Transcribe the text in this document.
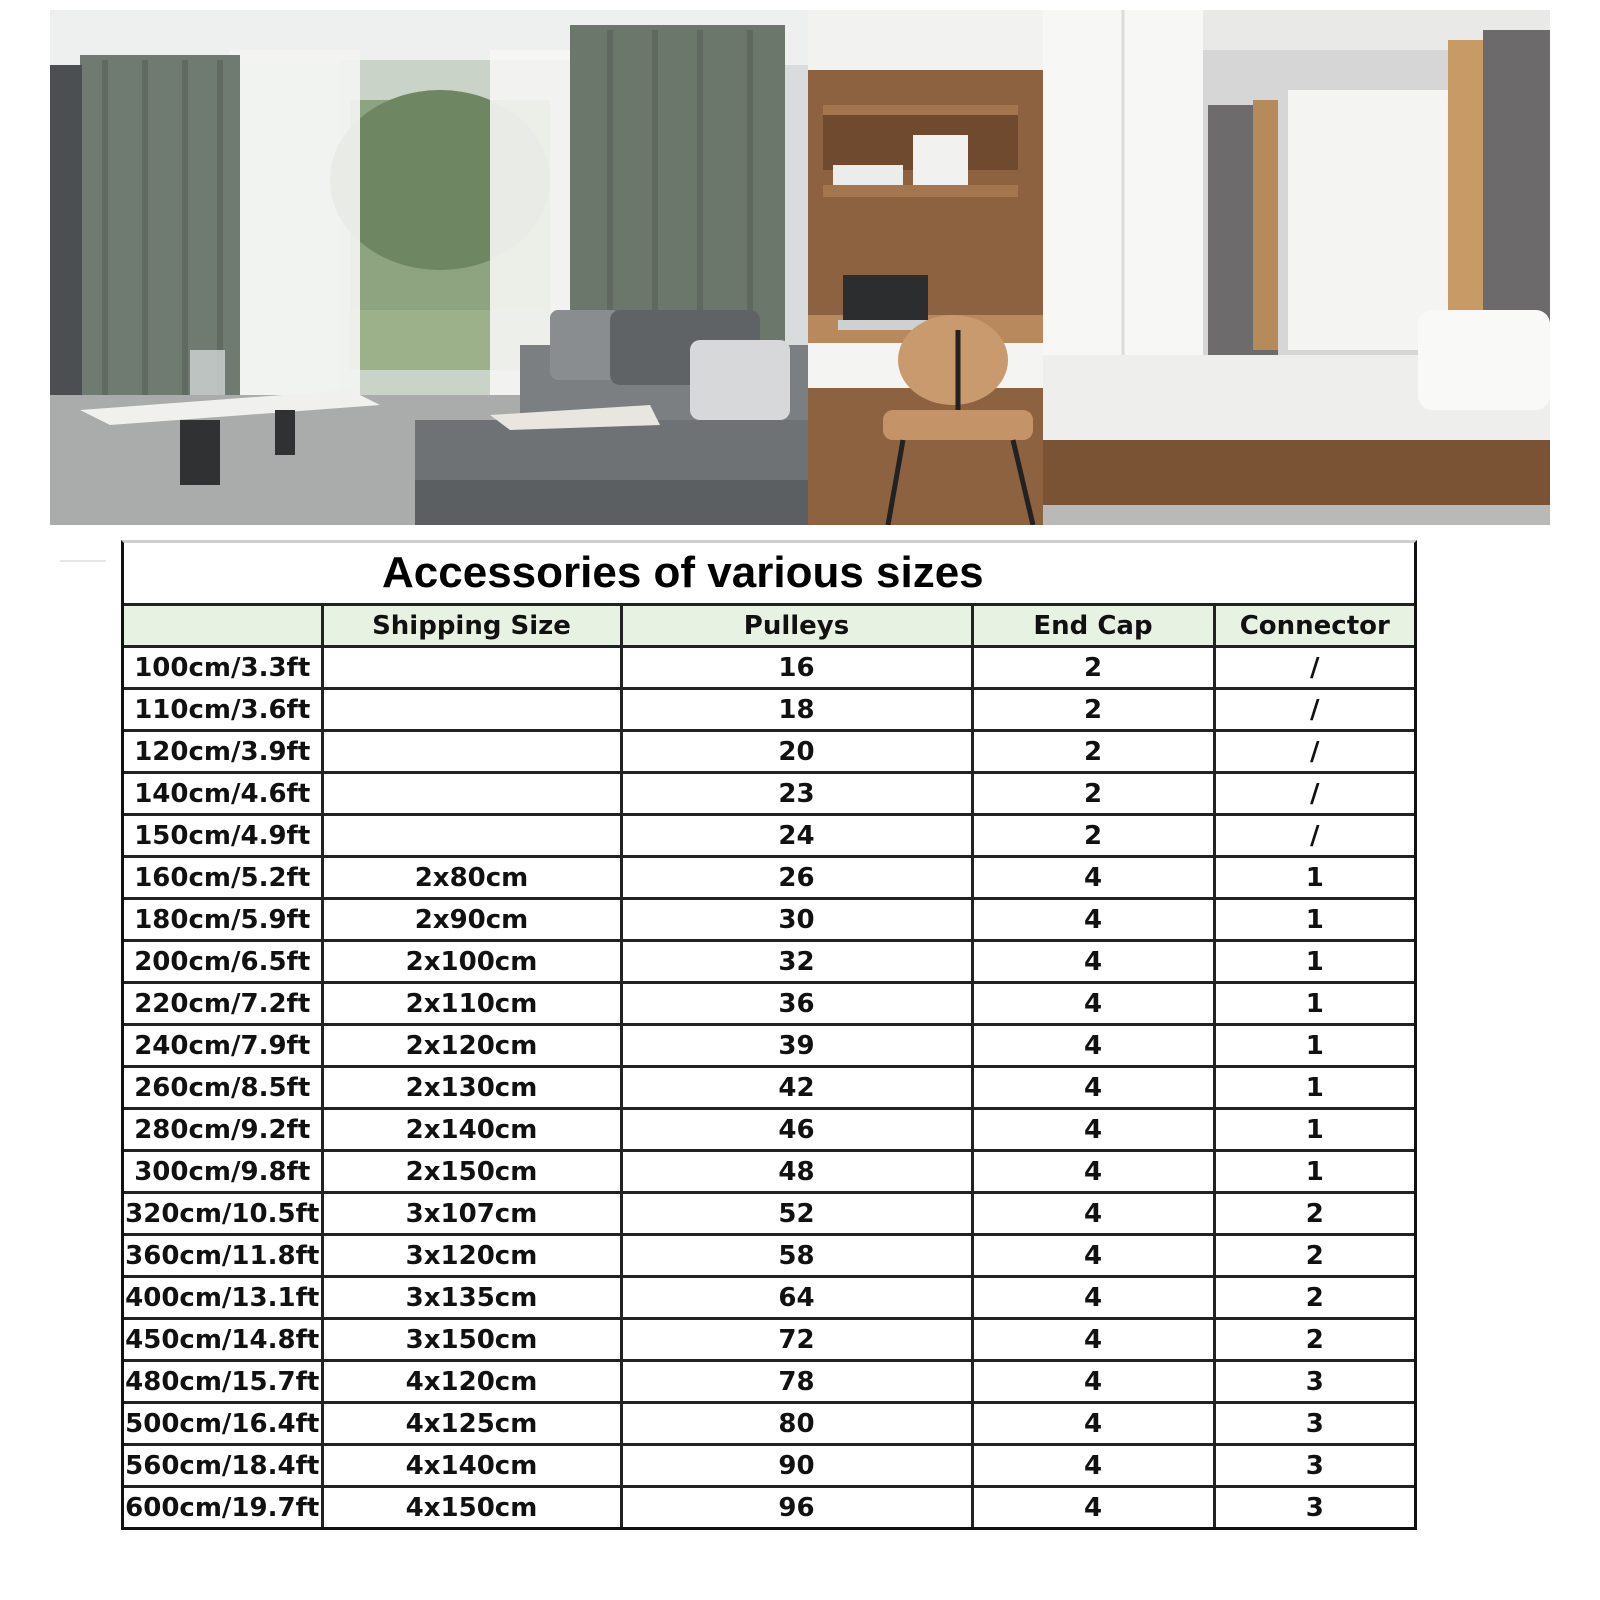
Accessories of various sizes
	Shipping Size	Pulleys	End Cap	Connector
100cm/3.3ft		16	2	/
110cm/3.6ft		18	2	/
120cm/3.9ft		20	2	/
140cm/4.6ft		23	2	/
150cm/4.9ft		24	2	/
160cm/5.2ft	2x80cm	26	4	1
180cm/5.9ft	2x90cm	30	4	1
200cm/6.5ft	2x100cm	32	4	1
220cm/7.2ft	2x110cm	36	4	1
240cm/7.9ft	2x120cm	39	4	1
260cm/8.5ft	2x130cm	42	4	1
280cm/9.2ft	2x140cm	46	4	1
300cm/9.8ft	2x150cm	48	4	1
320cm/10.5ft	3x107cm	52	4	2
360cm/11.8ft	3x120cm	58	4	2
400cm/13.1ft	3x135cm	64	4	2
450cm/14.8ft	3x150cm	72	4	2
480cm/15.7ft	4x120cm	78	4	3
500cm/16.4ft	4x125cm	80	4	3
560cm/18.4ft	4x140cm	90	4	3
600cm/19.7ft	4x150cm	96	4	3
